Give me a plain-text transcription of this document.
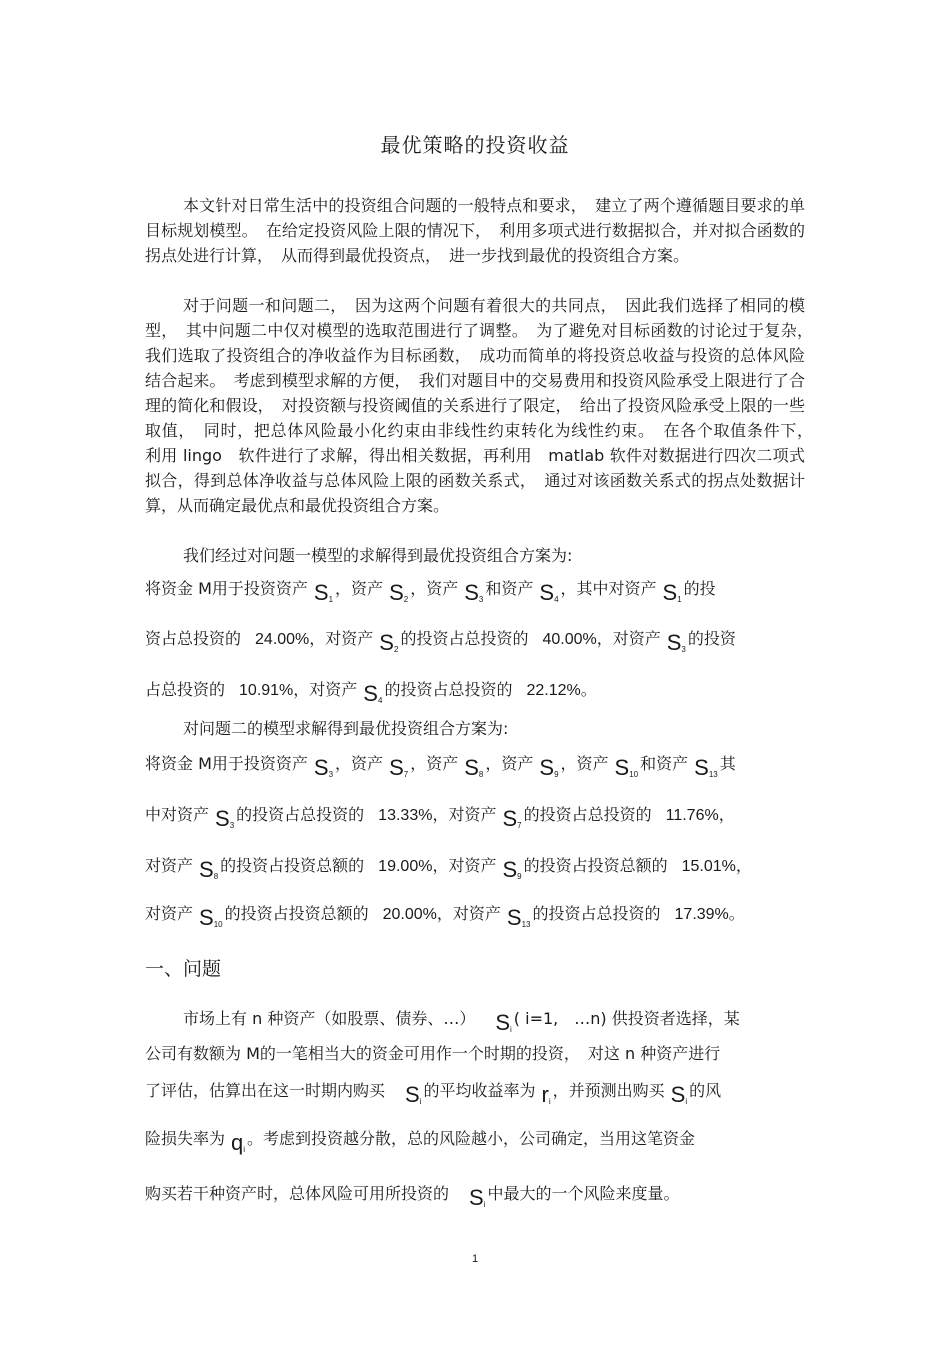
最优策略的投资收益

本文针对日常生活中的投资组合问题的一般特点和要求，　建立了两个遵循题目要求的单目标规划模型。　在给定投资风险上限的情况下，　利用多项式进行数据拟合，并对拟合函数的拐点处进行计算，　从而得到最优投资点，　进一步找到最优的投资组合方案。

对于问题一和问题二，　因为这两个问题有着很大的共同点，　因此我们选择了相同的模型，　其中问题二中仅对模型的选取范围进行了调整。　为了避免对目标函数的讨论过于复杂，　我们选取了投资组合的净收益作为目标函数，　成功而简单的将投资总收益与投资的总体风险结合起来。　考虑到模型求解的方便，　我们对题目中的交易费用和投资风险承受上限进行了合理的简化和假设，　对投资额与投资阈值的关系进行了限定，　给出了投资风险承受上限的一些取值，　同时，把总体风险最小化约束由非线性约束转化为线性约束。　在各个取值条件下，　利用 lingo　软件进行了求解，得出相关数据，再利用　matlab 软件对数据进行四次二项式拟合，得到总体净收益与总体风险上限的函数关系式，　通过对该函数关系式的拐点处数据计算，从而确定最优点和最优投资组合方案。

我们经过对问题一模型的求解得到最优投资组合方案为:

将资金 M用于投资资产 $S_1$，资产 $S_2$，资产 $S_3$和资产 $S_4$，其中对资产 $S_1$的投
资占总投资的 24.00%，对资产 $S_2$的投资占总投资的 40.00%，对资产 $S_3$的投资
占总投资的 10.91%，对资产 $S_4$的投资占总投资的 22.12%。
对问题二的模型求解得到最优投资组合方案为:
将资金 M用于投资资产 $S_3$，资产 $S_7$，资产 $S_8$，资产 $S_9$，资产 $S_{10}$和资产 $S_{13}$其
中对资产 $S_3$的投资占总投资的 13.33%，对资产 $S_7$的投资占总投资的 11.76%，
对资产 $S_8$的投资占投资总额的 19.00%，对资产 $S_9$的投资占投资总额的 15.01%，
对资产 $S_{10}$的投资占投资总额的 20.00%，对资产 $S_{13}$的投资占总投资的 17.39%。
一、问题
市场上有 n 种资产（如股票、债券、…） $S_i$( i=1,　…n) 供投资者选择，某
公司有数额为 M的一笔相当大的资金可用作一个时期的投资，　对这 n 种资产进行
了评估，估算出在这一时期内购买 $S_i$的平均收益率为 $r_i$，并预测出购买 $S_i$的风
险损失率为 $q_i$。考虑到投资越分散，总的风险越小，公司确定，当用这笔资金
购买若干种资产时，总体风险可用所投资的 $S_i$中最大的一个风险来度量。
1
